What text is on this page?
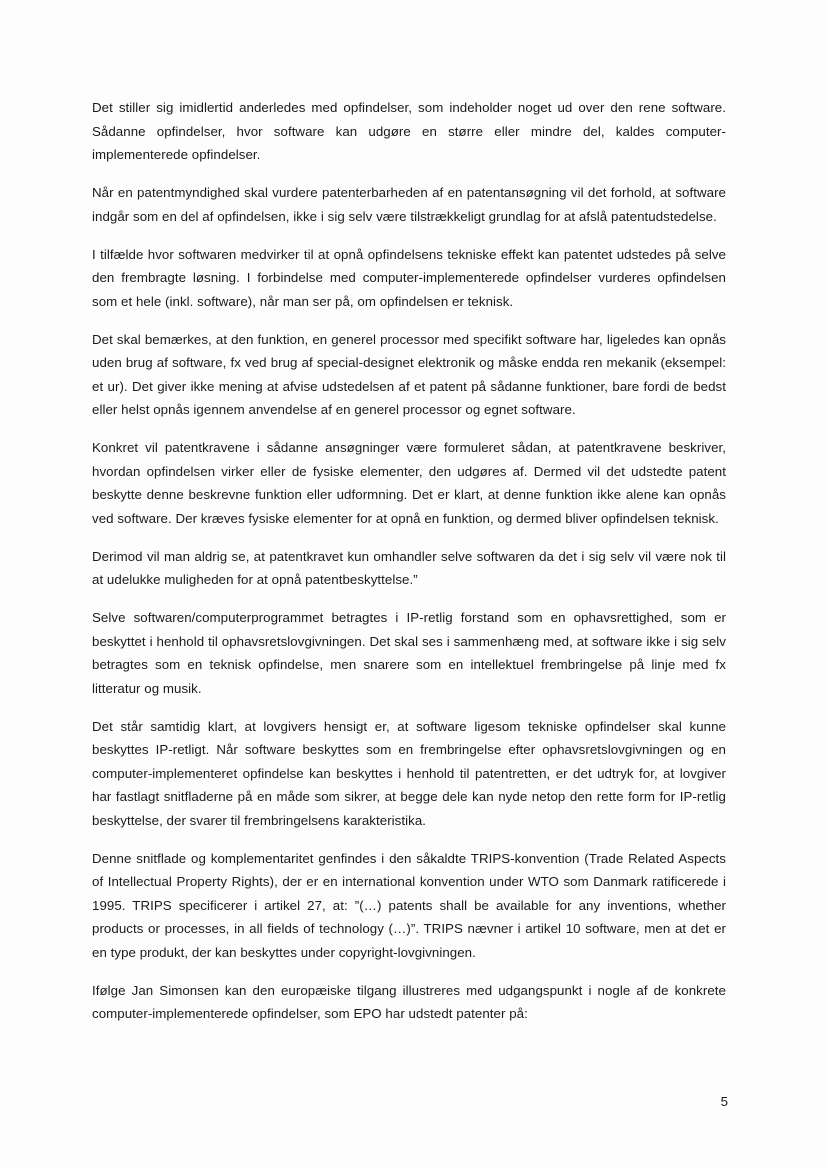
Det stiller sig imidlertid anderledes med opfindelser, som indeholder noget ud over den rene software. Sådanne opfindelser, hvor software kan udgøre en større eller mindre del, kaldes computer-implementerede opfindelser.

Når en patentmyndighed skal vurdere patenterbarheden af en patentansøgning vil det forhold, at software indgår som en del af opfindelsen, ikke i sig selv være tilstrækkeligt grundlag for at afslå patentudstedelse.

I tilfælde hvor softwaren medvirker til at opnå opfindelsens tekniske effekt kan patentet udstedes på selve den frembragte løsning. I forbindelse med computer-implementerede opfindelser vurderes opfindelsen som et hele (inkl. software), når man ser på, om opfindelsen er teknisk.

Det skal bemærkes, at den funktion, en generel processor med specifikt software har, ligeledes kan opnås uden brug af software, fx ved brug af special-designet elektronik og måske endda ren mekanik (eksempel: et ur). Det giver ikke mening at afvise udstedelsen af et patent på sådanne funktioner, bare fordi de bedst eller helst opnås igennem anvendelse af en generel processor og egnet software.

Konkret vil patentkravene i sådanne ansøgninger være formuleret sådan, at patentkravene beskriver, hvordan opfindelsen virker eller de fysiske elementer, den udgøres af. Dermed vil det udstedte patent beskytte denne beskrevne funktion eller udformning. Det er klart, at denne funktion ikke alene kan opnås ved software. Der kræves fysiske elementer for at opnå en funktion, og dermed bliver opfindelsen teknisk.

Derimod vil man aldrig se, at patentkravet kun omhandler selve softwaren da det i sig selv vil være nok til at udelukke muligheden for at opnå patentbeskyttelse.”

Selve softwaren/computerprogrammet betragtes i IP-retlig forstand som en ophavsrettighed, som er beskyttet i henhold til ophavsretslovgivningen. Det skal ses i sammenhæng med, at software ikke i sig selv betragtes som en teknisk opfindelse, men snarere som en intellektuel frembringelse på linje med fx litteratur og musik.

Det står samtidig klart, at lovgivers hensigt er, at software ligesom tekniske opfindelser skal kunne beskyttes IP-retligt. Når software beskyttes som en frembringelse efter ophavsretslovgivningen og en computer-implementeret opfindelse kan beskyttes i henhold til patentretten, er det udtryk for, at lovgiver har fastlagt snitfladerne på en måde som sikrer, at begge dele kan nyde netop den rette form for IP-retlig beskyttelse, der svarer til frembringelsens karakteristika.

Denne snitflade og komplementaritet genfindes i den såkaldte TRIPS-konvention (Trade Related Aspects of Intellectual Property Rights), der er en international konvention under WTO som Danmark ratificerede i 1995. TRIPS specificerer i artikel 27, at: ”(…) patents shall be available for any inventions, whether products or processes, in all fields of technology (…)”. TRIPS nævner i artikel 10 software, men at det er en type produkt, der kan beskyttes under copyright-lovgivningen.

Ifølge Jan Simonsen kan den europæiske tilgang illustreres med udgangspunkt i nogle af de konkrete computer-implementerede opfindelser, som EPO har udstedt patenter på:

5
